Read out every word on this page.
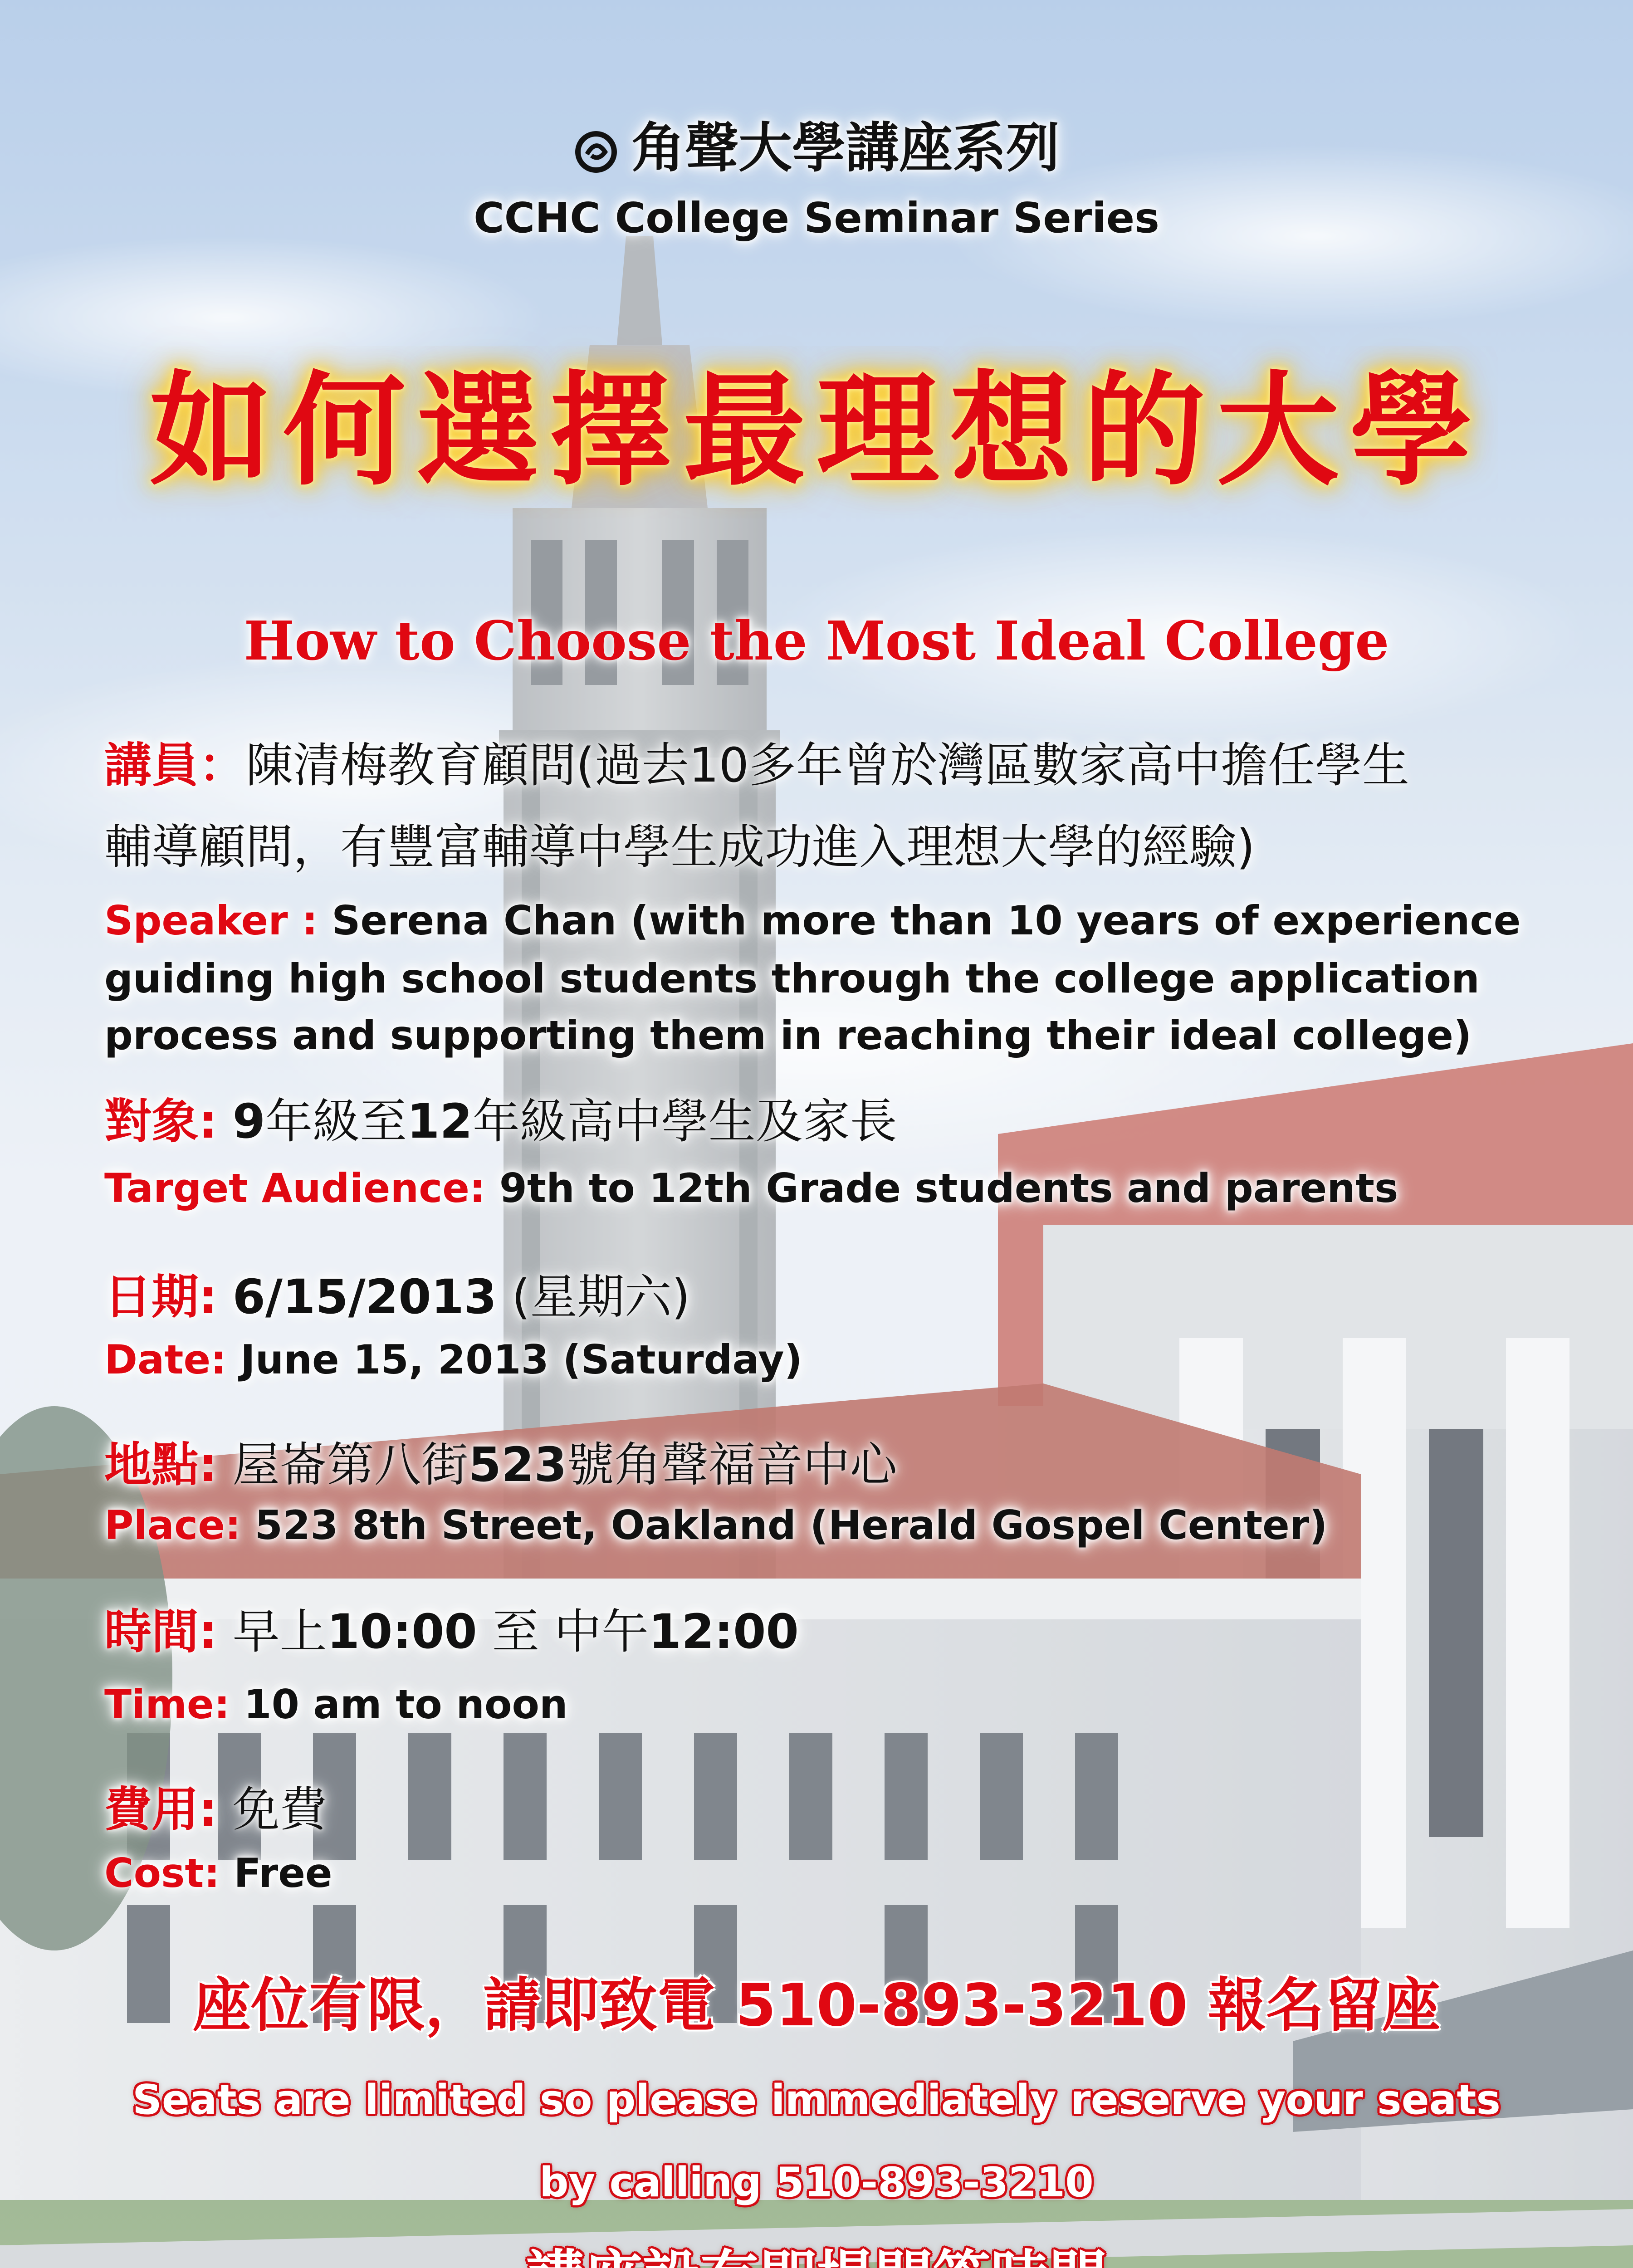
角聲大學講座系列
CCHC College Seminar Series
如何選擇最理想的大學
How to Choose the Most Ideal College
講員：陳清梅教育顧問(過去10多年曾於灣區數家高中擔任學生
輔導顧問，有豐富輔導中學生成功進入理想大學的經驗)
Speaker : Serena Chan (with more than 10 years of experience
guiding high school students through the college application
process and supporting them in reaching their ideal college)
對象: 9年級至12年級高中學生及家長
Target Audience: 9th to 12th Grade students and parents
日期: 6/15/2013 (星期六)
Date: June 15, 2013 (Saturday)
地點: 屋崙第八街523號角聲福音中心
Place: 523 8th Street, Oakland (Herald Gospel Center)
時間: 早上10:00 至 中午12:00
Time: 10 am to noon
費用: 免費
Cost: Free
座位有限，請即致電 510-893-3210 報名留座
Seats are limited so please immediately reserve your seats
by calling 510-893-3210
